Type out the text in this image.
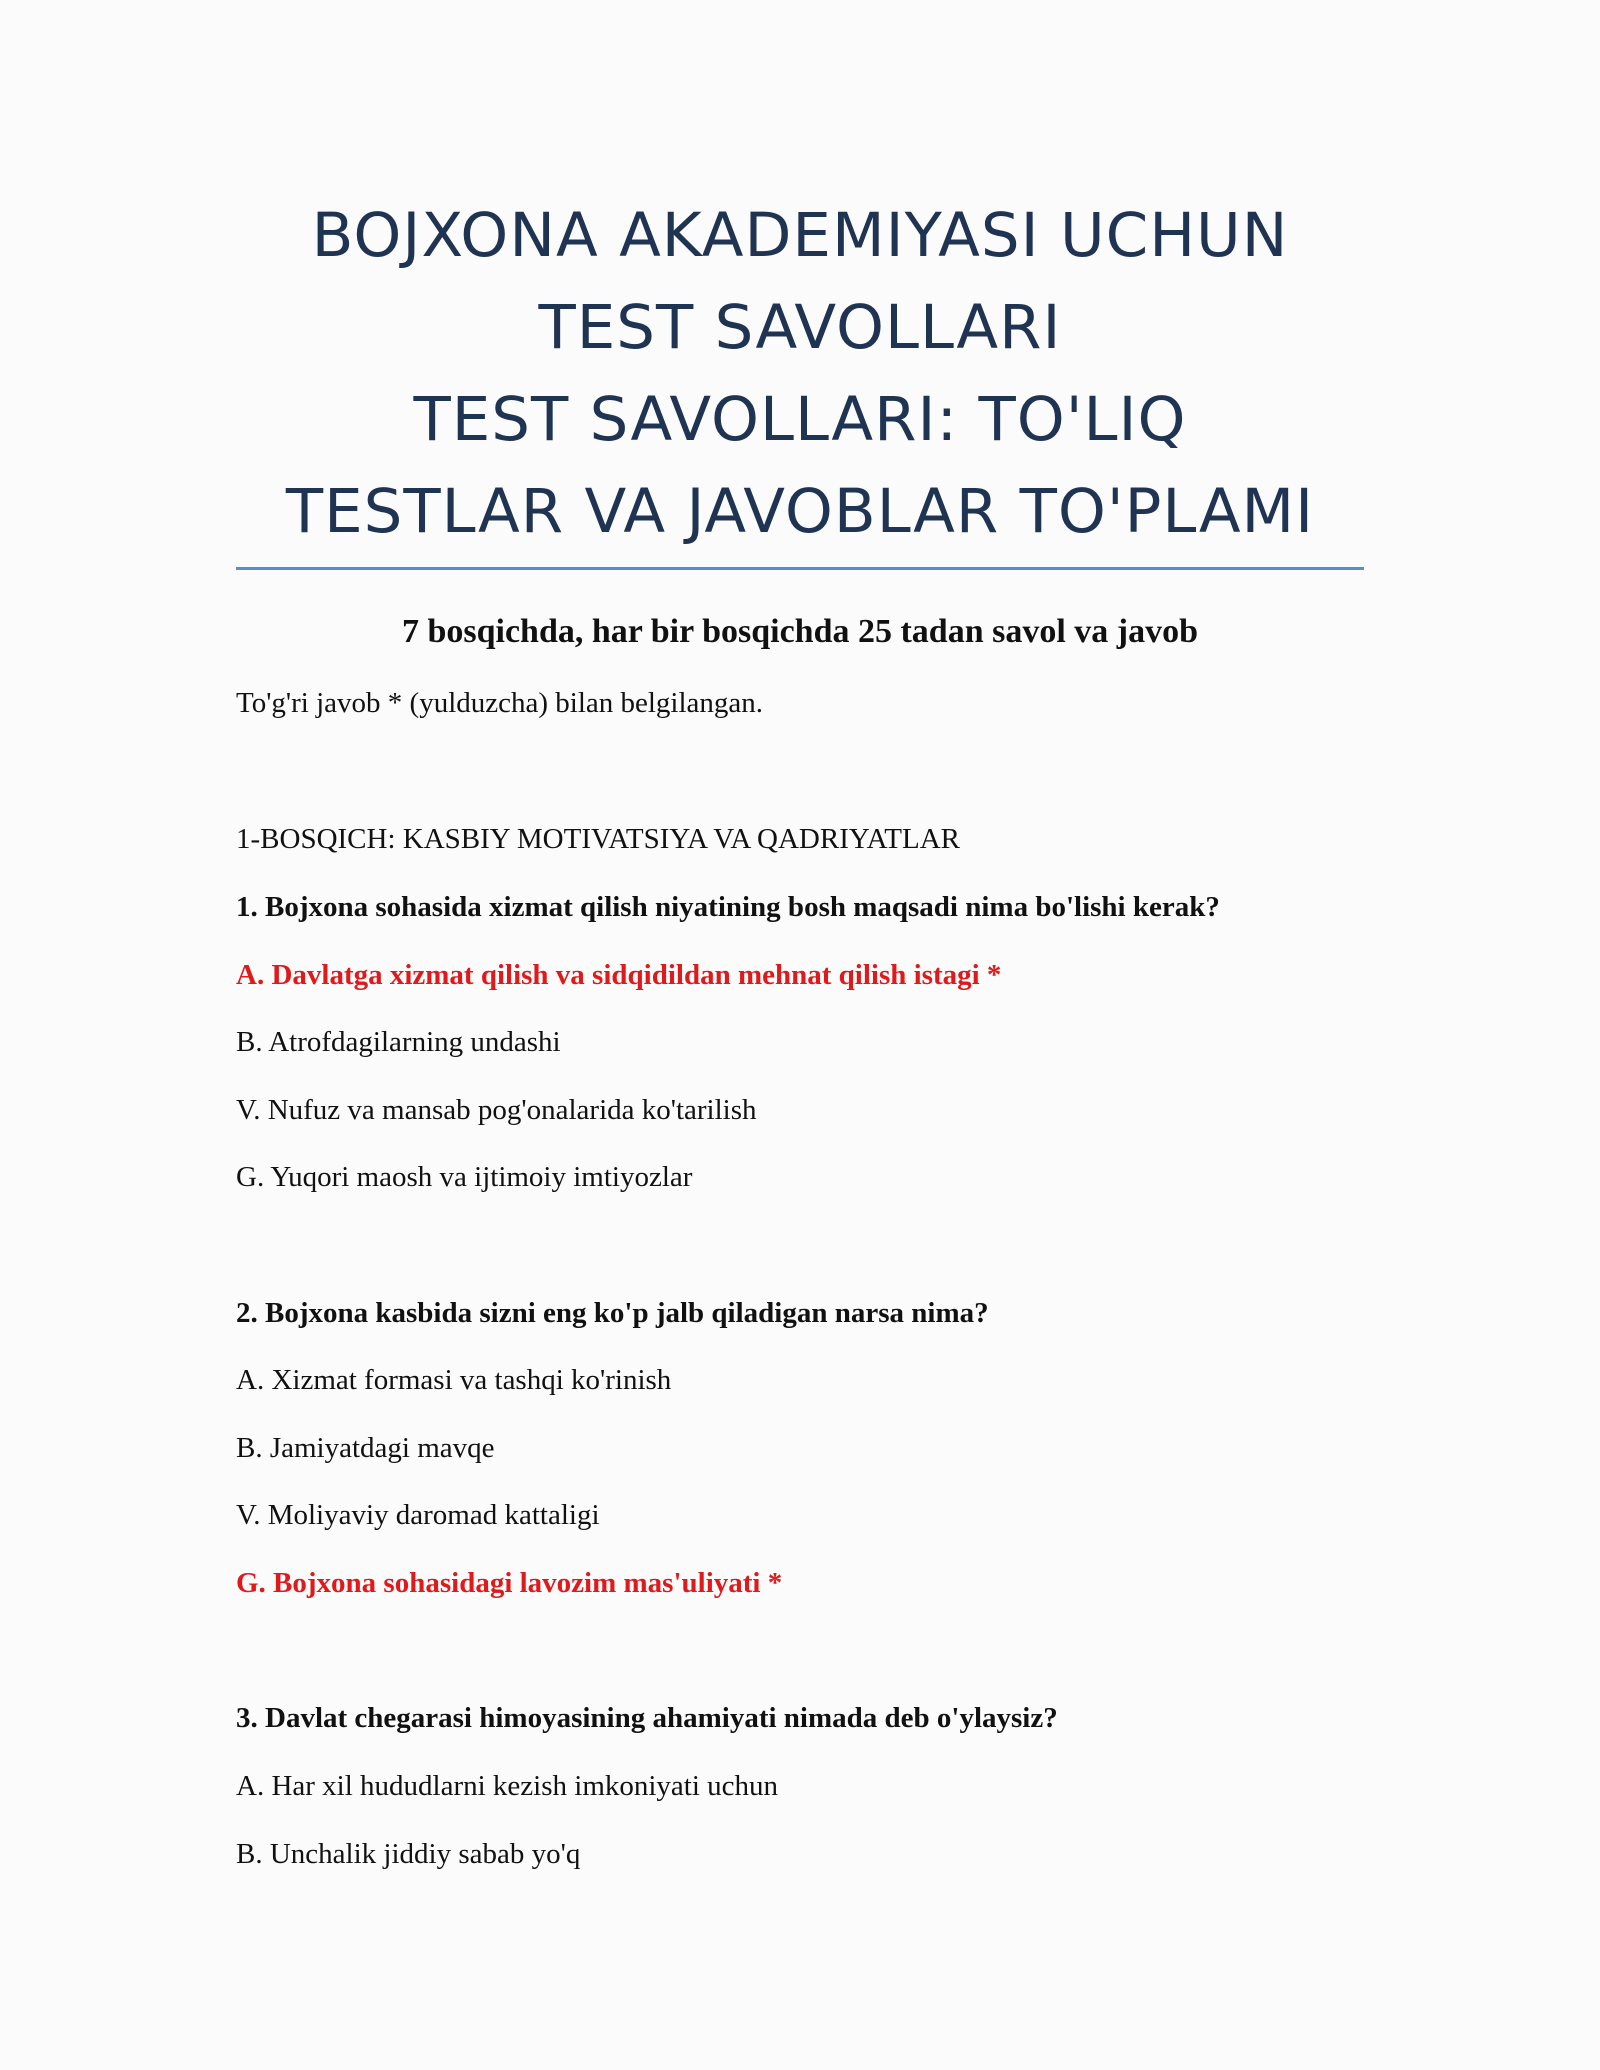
BOJXONA AKADEMIYASI UCHUN
TEST SAVOLLARI
TEST SAVOLLARI: TO'LIQ
TESTLAR VA JAVOBLAR TO'PLAMI
7 bosqichda, har bir bosqichda 25 tadan savol va javob
To'g'ri javob * (yulduzcha) bilan belgilangan.
1-BOSQICH: KASBIY MOTIVATSIYA VA QADRIYATLAR
1. Bojxona sohasida xizmat qilish niyatining bosh maqsadi nima bo'lishi kerak?
A. Davlatga xizmat qilish va sidqidildan mehnat qilish istagi *
B. Atrofdagilarning undashi
V. Nufuz va mansab pog'onalarida ko'tarilish
G. Yuqori maosh va ijtimoiy imtiyozlar
2. Bojxona kasbida sizni eng ko'p jalb qiladigan narsa nima?
A. Xizmat formasi va tashqi ko'rinish
B. Jamiyatdagi mavqe
V. Moliyaviy daromad kattaligi
G. Bojxona sohasidagi lavozim mas'uliyati *
3. Davlat chegarasi himoyasining ahamiyati nimada deb o'ylaysiz?
A. Har xil hududlarni kezish imkoniyati uchun
B. Unchalik jiddiy sabab yo'q
